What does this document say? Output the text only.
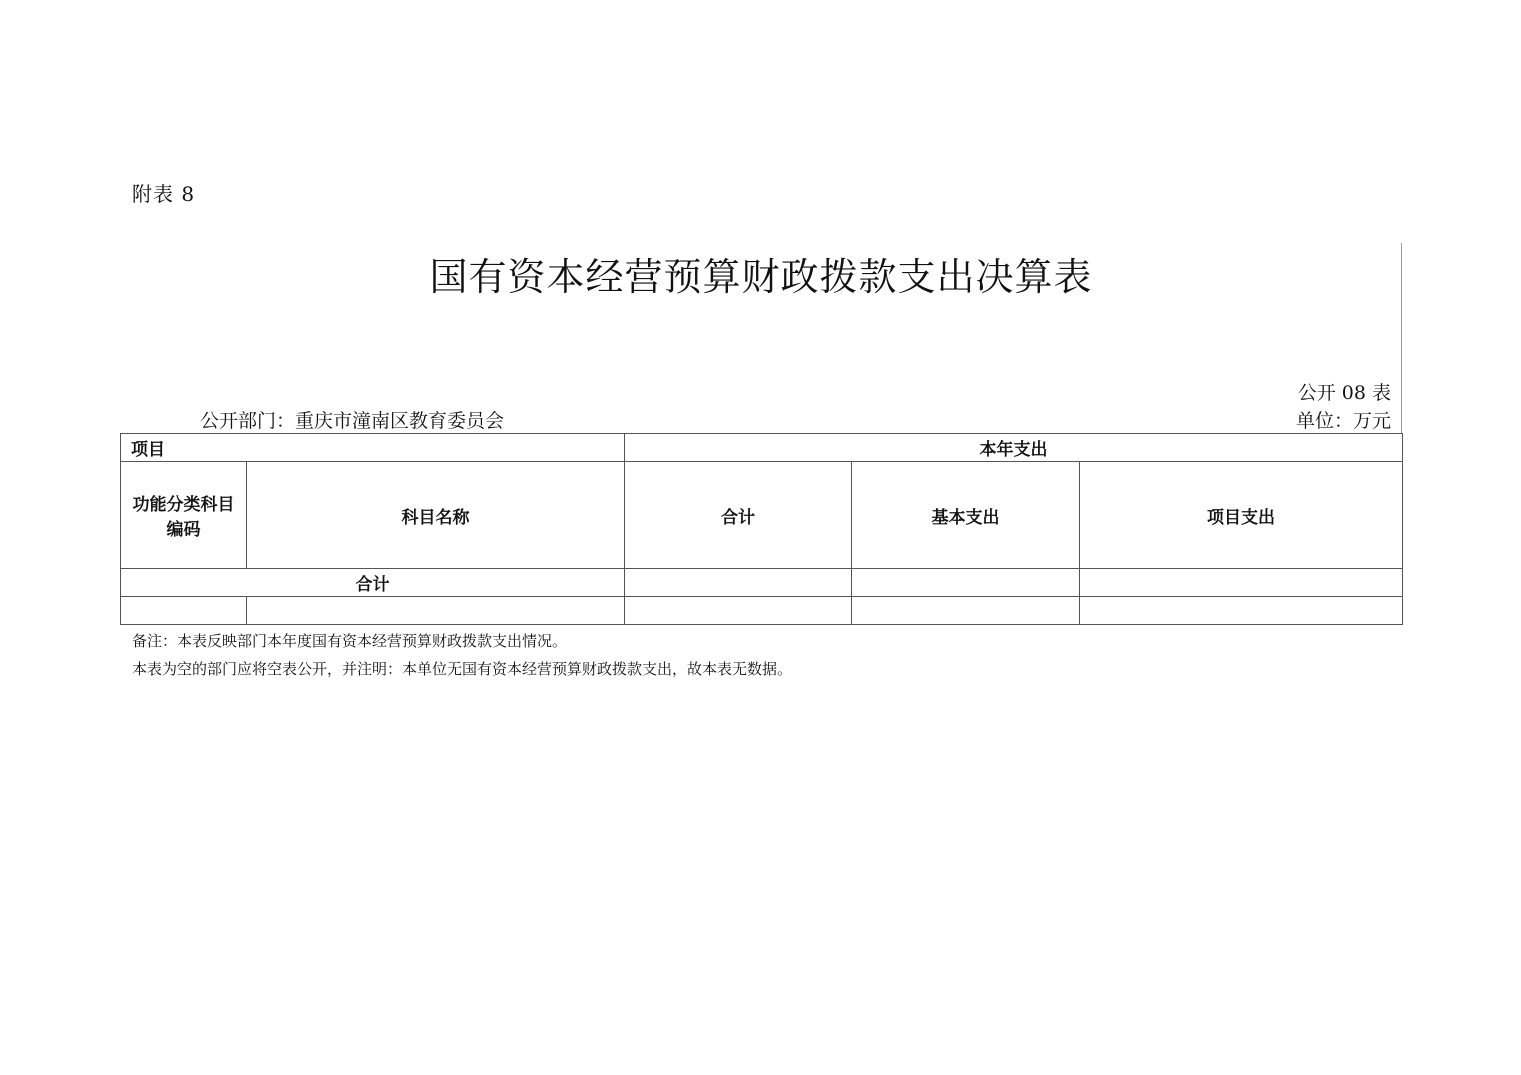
附表 8
国有资本经营预算财政拨款支出决算表
公开 08 表
公开部门：重庆市潼南区教育委员会	单位：万元
项目		本年支出		
功能分类科目编码	科目名称	合计	基本支出	项目支出
合计				

备注：本表反映部门本年度国有资本经营预算财政拨款支出情况。
本表为空的部门应将空表公开，并注明：本单位无国有资本经营预算财政拨款支出，故本表无数据。
